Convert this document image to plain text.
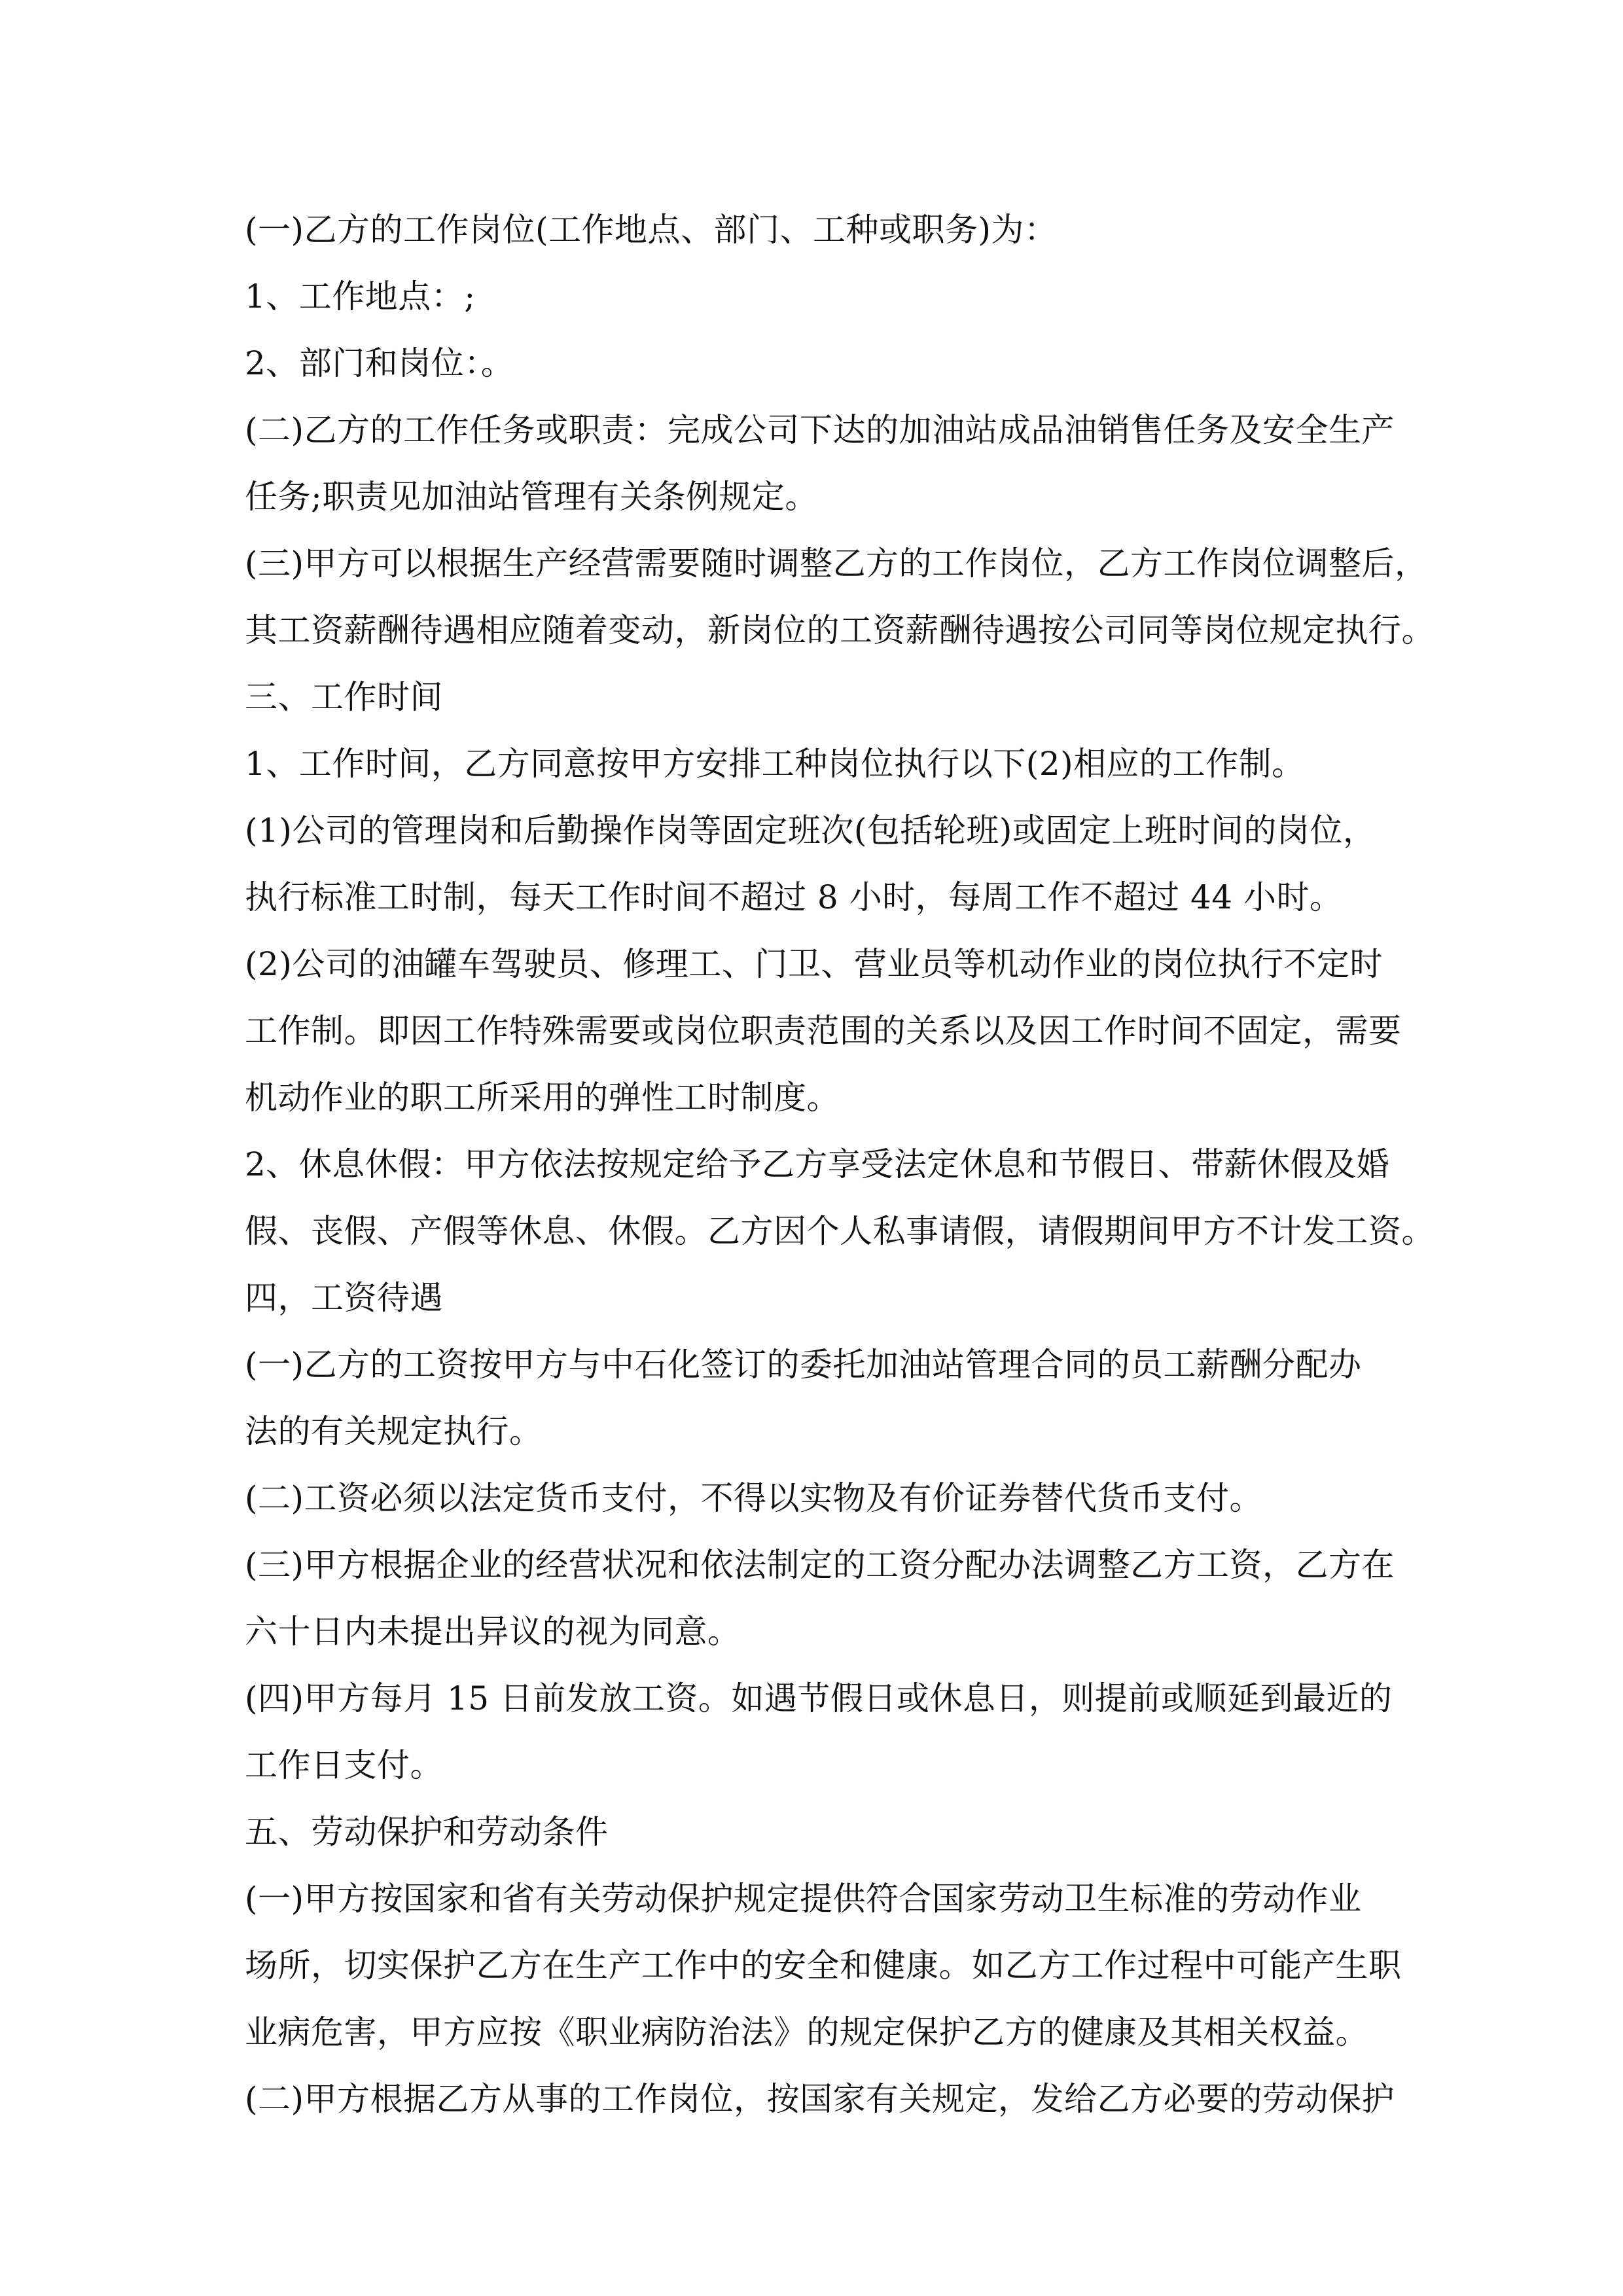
(一)乙方的工作岗位(工作地点、部门、工种或职务)为：
1、工作地点：;
2、部门和岗位：。
(二)乙方的工作任务或职责：完成公司下达的加油站成品油销售任务及安全生产
任务;职责见加油站管理有关条例规定。
(三)甲方可以根据生产经营需要随时调整乙方的工作岗位，乙方工作岗位调整后，
其工资薪酬待遇相应随着变动，新岗位的工资薪酬待遇按公司同等岗位规定执行。
三、工作时间
1、工作时间，乙方同意按甲方安排工种岗位执行以下(2)相应的工作制。
(1)公司的管理岗和后勤操作岗等固定班次(包括轮班)或固定上班时间的岗位，
执行标准工时制，每天工作时间不超过 8 小时，每周工作不超过 44 小时。
(2)公司的油罐车驾驶员、修理工、门卫、营业员等机动作业的岗位执行不定时
工作制。即因工作特殊需要或岗位职责范围的关系以及因工作时间不固定，需要
机动作业的职工所采用的弹性工时制度。
2、休息休假：甲方依法按规定给予乙方享受法定休息和节假日、带薪休假及婚
假、丧假、产假等休息、休假。乙方因个人私事请假，请假期间甲方不计发工资。
四，工资待遇
(一)乙方的工资按甲方与中石化签订的委托加油站管理合同的员工薪酬分配办
法的有关规定执行。
(二)工资必须以法定货币支付，不得以实物及有价证券替代货币支付。
(三)甲方根据企业的经营状况和依法制定的工资分配办法调整乙方工资，乙方在
六十日内未提出异议的视为同意。
(四)甲方每月 15 日前发放工资。如遇节假日或休息日，则提前或顺延到最近的
工作日支付。
五、劳动保护和劳动条件
(一)甲方按国家和省有关劳动保护规定提供符合国家劳动卫生标准的劳动作业
场所，切实保护乙方在生产工作中的安全和健康。如乙方工作过程中可能产生职
业病危害，甲方应按《职业病防治法》的规定保护乙方的健康及其相关权益。
(二)甲方根据乙方从事的工作岗位，按国家有关规定，发给乙方必要的劳动保护
